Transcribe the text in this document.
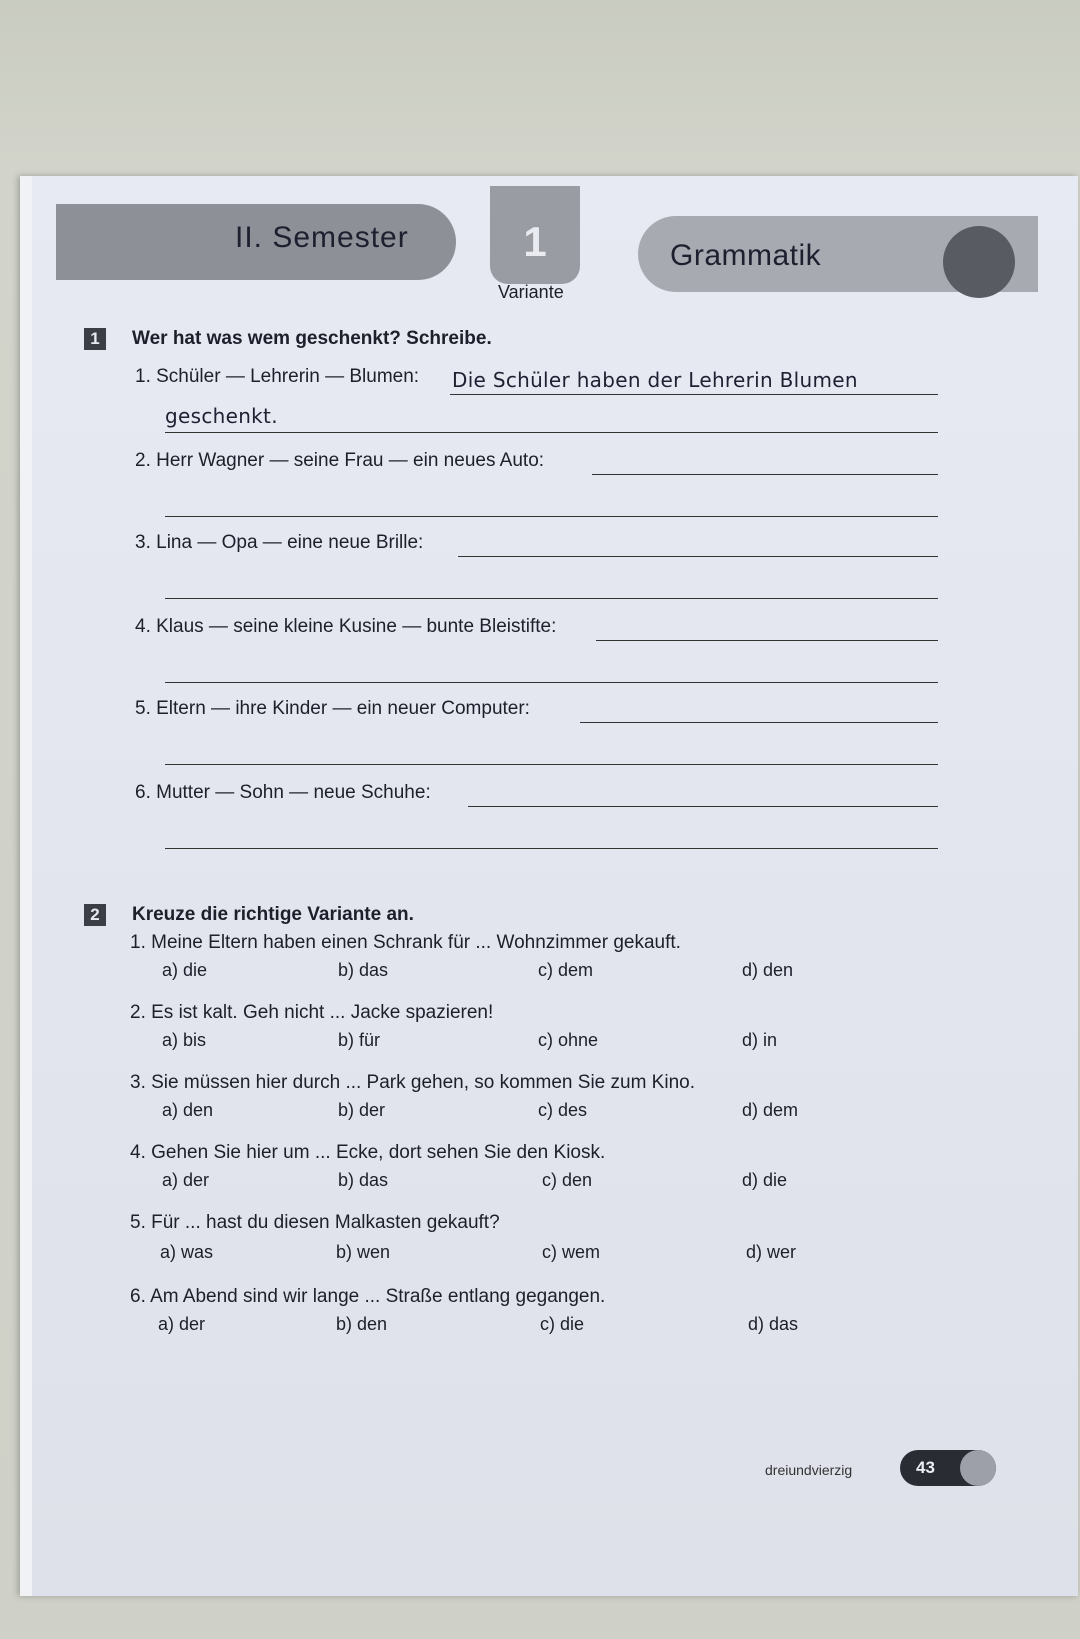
II. Semester	1
Variante
Grammatik
1	Wer hat was wem geschenkt? Schreibe.
1. Schüler — Lehrerin — Blumen: Die Schüler haben der Lehrerin Blumen
geschenkt.
2. Herr Wagner — seine Frau — ein neues Auto:
3. Lina — Opa — eine neue Brille:
4. Klaus — seine kleine Kusine — bunte Bleistifte:
5. Eltern — ihre Kinder — ein neuer Computer:
6. Mutter — Sohn — neue Schuhe:
2	Kreuze die richtige Variante an.
1. Meine Eltern haben einen Schrank für ... Wohnzimmer gekauft.
a) die	b) das	c) dem	d) den
2. Es ist kalt. Geh nicht ... Jacke spazieren!
a) bis	b) für	c) ohne	d) in
3. Sie müssen hier durch ... Park gehen, so kommen Sie zum Kino.
a) den	b) der	c) des	d) dem
4. Gehen Sie hier um ... Ecke, dort sehen Sie den Kiosk.
a) der	b) das	c) den	d) die
5. Für ... hast du diesen Malkasten gekauft?
a) was	b) wen	c) wem	d) wer
6. Am Abend sind wir lange ... Straße entlang gegangen.
a) der	b) den	c) die	d) das
dreiundvierzig	43
